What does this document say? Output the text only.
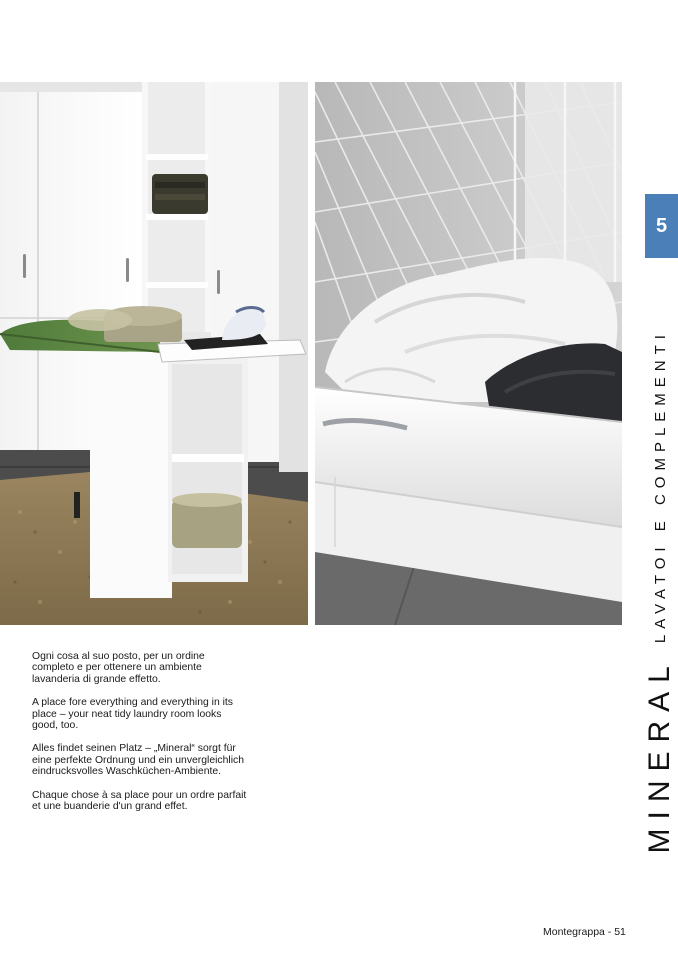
5
MINERAL
LAVATOI E COMPLEMENTI

Ogni cosa al suo posto, per un ordine completo e per ottenere un ambiente lavanderia di grande effetto.

A place fore everything and everything in its place – your neat tidy laundry room looks good, too.

Alles findet seinen Platz – „Mineral“ sorgt für eine perfekte Ordnung und ein unvergleichlich eindrucksvolles Waschküchen-Ambiente.

Chaque chose à sa place pour un ordre parfait et une buanderie d'un grand effet.

Montegrappa - 51
